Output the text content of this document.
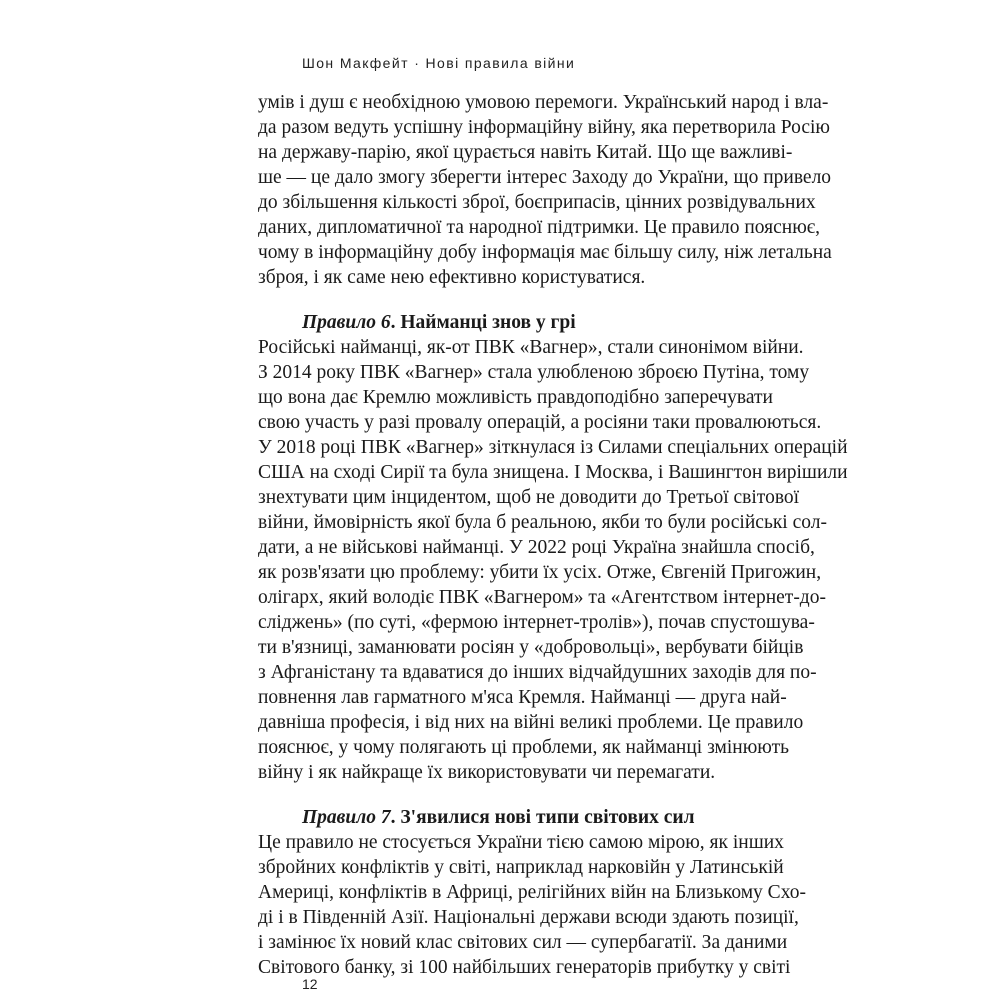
Шон Макфейт · Нові правила війни
умів і душ є необхідною умовою перемоги. Український народ і вла-
да разом ведуть успішну інформаційну війну, яка перетворила Росію
на державу-парію, якої цурається навіть Китай. Що ще важливі-
ше — це дало змогу зберегти інтерес Заходу до України, що привело
до збільшення кількості зброї, боєприпасів, цінних розвідувальних
даних, дипломатичної та народної підтримки. Це правило пояснює,
чому в інформаційну добу інформація має більшу силу, ніж летальна
зброя, і як саме нею ефективно користуватися.
Правило 6. Найманці знов у грі
Російські найманці, як-от ПВК «Вагнер», стали синонімом війни.
З 2014 року ПВК «Вагнер» стала улюбленою зброєю Путіна, тому
що вона дає Кремлю можливість правдоподібно заперечувати
свою участь у разі провалу операцій, а росіяни таки провалюються.
У 2018 році ПВК «Вагнер» зіткнулася із Силами спеціальних операцій
США на сході Сирії та була знищена. І Москва, і Вашингтон вирішили
знехтувати цим інцидентом, щоб не доводити до Третьої світової
війни, ймовірність якої була б реальною, якби то були російські сол-
дати, а не військові найманці. У 2022 році Україна знайшла спосіб,
як розв'язати цю проблему: убити їх усіх. Отже, Євгеній Пригожин,
олігарх, який володіє ПВК «Вагнером» та «Агентством інтернет-до-
сліджень» (по суті, «фермою інтернет-тролів»), почав спустошува-
ти в'язниці, заманювати росіян у «добровольці», вербувати бійців
з Афганістану та вдаватися до інших відчайдушних заходів для по-
повнення лав гарматного м'яса Кремля. Найманці — друга най-
давніша професія, і від них на війні великі проблеми. Це правило
пояснює, у чому полягають ці проблеми, як найманці змінюють
війну і як найкраще їх використовувати чи перемагати.
Правило 7. З'явилися нові типи світових сил
Це правило не стосується України тією самою мірою, як інших
збройних конфліктів у світі, наприклад нарковійн у Латинській
Америці, конфліктів в Африці, релігійних війн на Близькому Схо-
ді і в Південній Азії. Національні держави всюди здають позиції,
і замінює їх новий клас світових сил — супербагатії. За даними
Світового банку, зі 100 найбільших генераторів прибутку у світі
12
